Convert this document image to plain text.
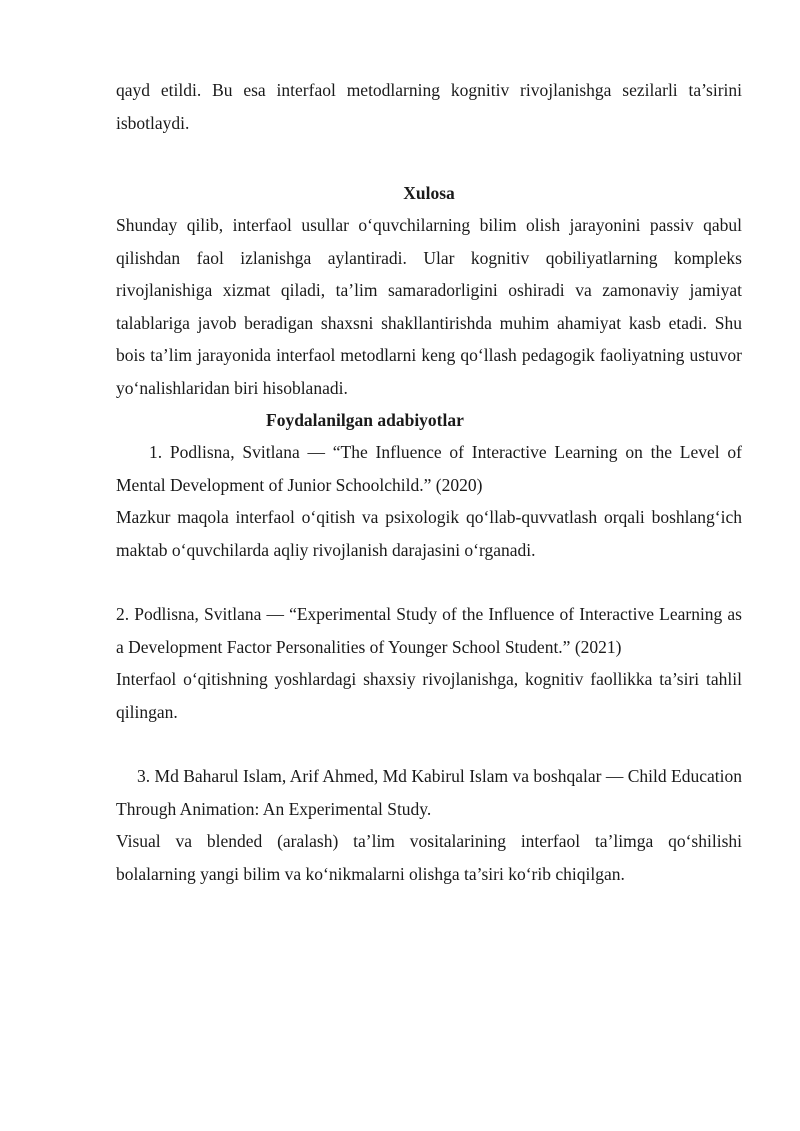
qayd etildi. Bu esa interfaol metodlarning kognitiv rivojlanishga sezilarli ta’sirini isbotlaydi.

Xulosa

Shunday qilib, interfaol usullar o‘quvchilarning bilim olish jarayonini passiv qabul qilishdan faol izlanishga aylantiradi. Ular kognitiv qobiliyatlarning kompleks rivojlanishiga xizmat qiladi, ta’lim samaradorligini oshiradi va zamonaviy jamiyat talablariga javob beradigan shaxsni shakllantirishda muhim ahamiyat kasb etadi. Shu bois ta’lim jarayonida interfaol metodlarni keng qo‘llash pedagogik faoliyatning ustuvor yo‘nalishlaridan biri hisoblanadi.

Foydalanilgan adabiyotlar

1. Podlisna, Svitlana — “The Influence of Interactive Learning on the Level of Mental Development of Junior Schoolchild.” (2020)

Mazkur maqola interfaol o‘qitish va psixologik qo‘llab-quvvatlash orqali boshlang‘ich maktab o‘quvchilarda aqliy rivojlanish darajasini o‘rganadi.

2. Podlisna, Svitlana — “Experimental Study of the Influence of Interactive Learning as a Development Factor Personalities of Younger School Student.” (2021)

Interfaol o‘qitishning yoshlardagi shaxsiy rivojlanishga, kognitiv faollikka ta’siri tahlil qilingan.

3. Md Baharul Islam, Arif Ahmed, Md Kabirul Islam va boshqalar — Child Education Through Animation: An Experimental Study.

Visual va blended (aralash) ta’lim vositalarining interfaol ta’limga qo‘shilishi bolalarning yangi bilim va ko‘nikmalarni olishga ta’siri ko‘rib chiqilgan.
